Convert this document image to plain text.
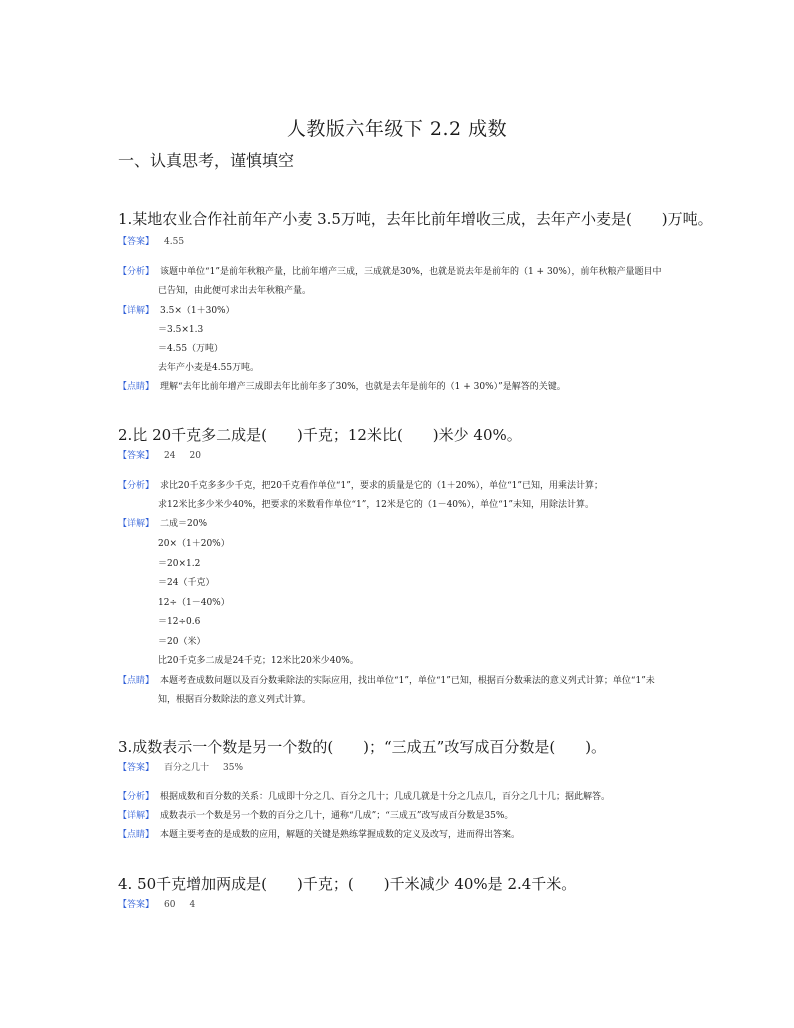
人教版六年级下 2.2 成数
一、认真思考，谨慎填空
1.某地农业合作社前年产小麦 3.5万吨，去年比前年增收三成，去年产小麦是(　　)万吨。
【答案】 4.55
【分析】 该题中单位“1”是前年秋粮产量，比前年增产三成，三成就是30%，也就是说去年是前年的（1 + 30%），前年秋粮产量题目中
已告知，由此便可求出去年秋粮产量。
【详解】 3.5×（1＋30%）
＝3.5×1.3
＝4.55（万吨）
去年产小麦是4.55万吨。
【点睛】 理解“去年比前年增产三成即去年比前年多了30%，也就是去年是前年的（1 + 30%）”是解答的关键。
2.比 20千克多二成是(　　)千克；12米比(　　)米少 40%。
【答案】 24 20
【分析】 求比20千克多多少千克，把20千克看作单位“1”，要求的质量是它的（1＋20%），单位“1”已知，用乘法计算；
求12米比多少米少40%，把要求的米数看作单位“1”，12米是它的（1－40%），单位“1”未知，用除法计算。
【详解】 二成＝20%
20×（1＋20%）
＝20×1.2
＝24（千克）
12÷（1－40%）
＝12÷0.6
＝20（米）
比20千克多二成是24千克；12米比20米少40%。
【点睛】 本题考查成数问题以及百分数乘除法的实际应用，找出单位“1”，单位“1”已知，根据百分数乘法的意义列式计算；单位“1”未
知，根据百分数除法的意义列式计算。
3.成数表示一个数是另一个数的(　　)；“三成五”改写成百分数是(　　)。
【答案】 百分之几十 35%
【分析】 根据成数和百分数的关系：几成即十分之几、百分之几十；几成几就是十分之几点几，百分之几十几；据此解答。
【详解】 成数表示一个数是另一个数的百分之几十，通称“几成”；“三成五”改写成百分数是35%。
【点睛】 本题主要考查的是成数的应用，解题的关键是熟练掌握成数的定义及改写，进而得出答案。
4. 50千克增加两成是(　　)千克；(　　)千米减少 40%是 2.4千米。
【答案】 60 4
